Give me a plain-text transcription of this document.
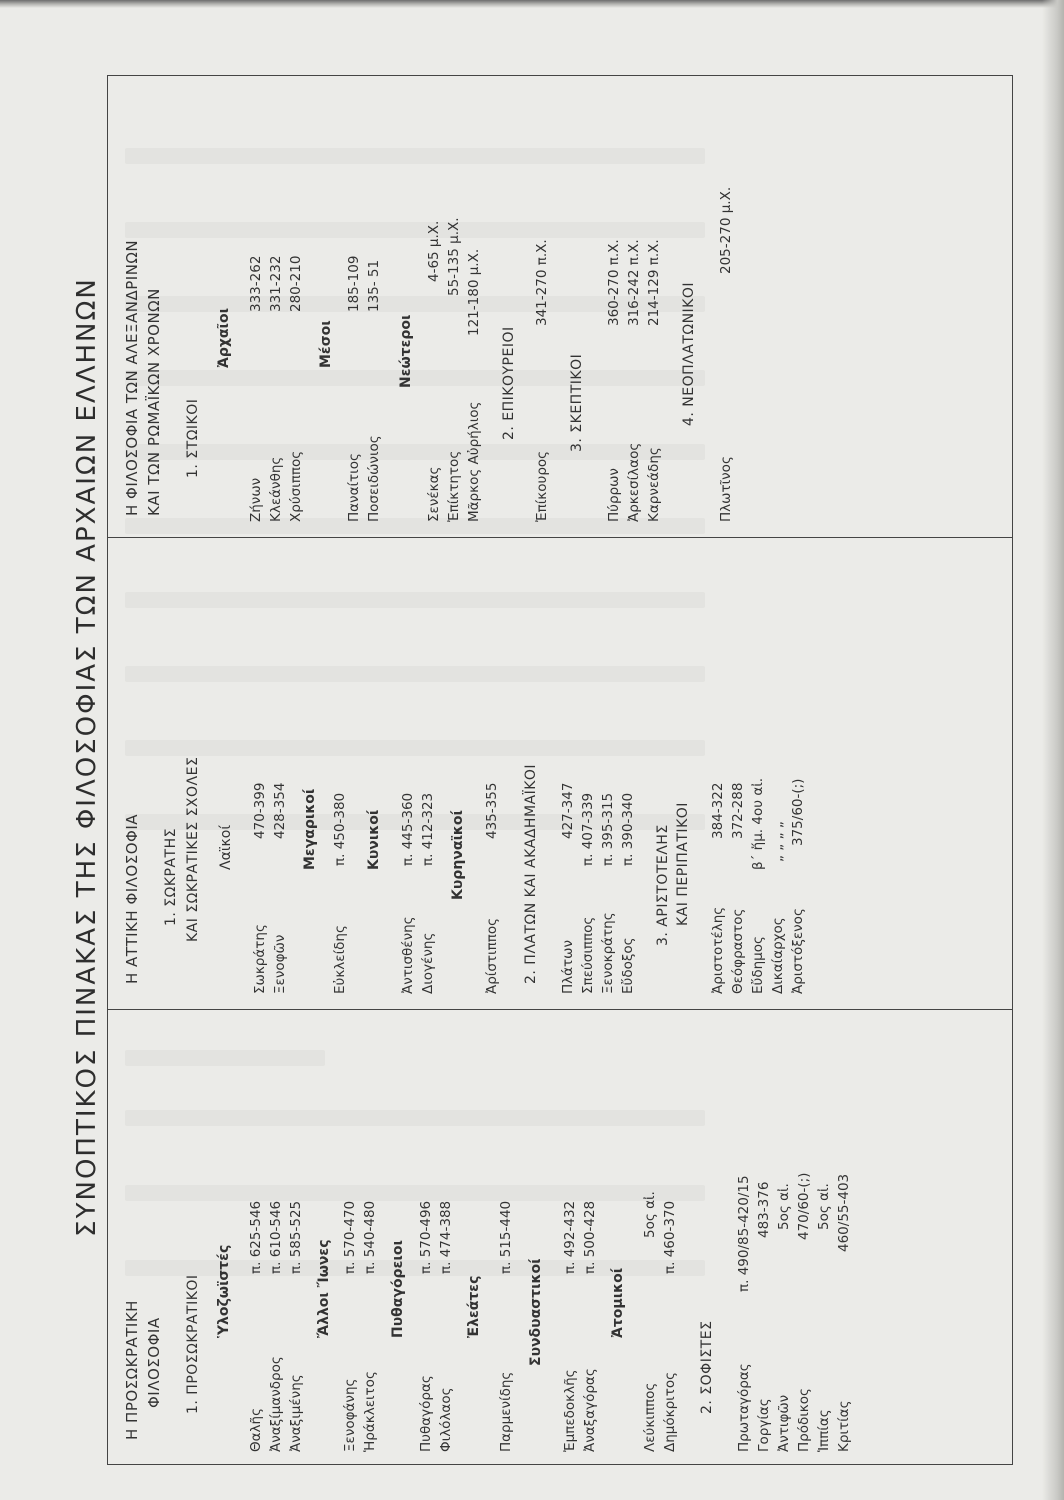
ΣΥΝΟΠΤΙΚΟΣ ΠΙΝΑΚΑΣ ΤΗΣ ΦΙΛΟΣΟΦΙΑΣ ΤΩΝ ΑΡΧΑΙΩΝ ΕΛΛΗΝΩΝ
Η ΠΡΟΣΩΚΡΑΤΙΚΗ ΦΙΛΟΣΟΦΙΑ 1. ΠΡΟΣΩΚΡΑΤΙΚΟΙ Ὑλοζωϊστές
Θαλῆς
π. 625-546
Ἀναξίμανδρος
π. 610-546
Ἀναξιμένης
π. 585-525
Ἄλλοι Ἴωνες
Ξενοφάνης
π. 570-470
Ἡράκλειτος
π. 540-480
Πυθαγόρειοι
Πυθαγόρας
π. 570-496
Φιλόλαος
π. 474-388
Ἐλεάτες
Παρμενίδης
π. 515-440
Συνδυαστικοί
Ἐμπεδοκλῆς
π. 492-432
Ἀναξαγόρας
π. 500-428
Ἀτομικοί
Λεύκιππος
5ος αἰ.
Δημόκριτος
π. 460-370
2. ΣΟΦΙΣΤΕΣ Πρωταγόρας
π. 490/85-420/15
Γοργίας
483-376
Ἀντιφῶν
5ος αἰ.
Πρόδικος
470/60-(;)
Ἱππίας
5ος αἰ.
Κριτίας
460/55-403
Η ΑΤΤΙΚΗ ΦΙΛΟΣΟΦΙΑ 1. ΣΩΚΡΑΤΗΣ ΚΑΙ ΣΩΚΡΑΤΙΚΕΣ ΣΧΟΛΕΣ Λαϊκοί
Σωκράτης
470-399
Ξενοφῶν
428-354 Μεγαρικοί
Εὐκλείδης
π. 450-380 Κυνικοί
Ἀντισθένης
π. 445-360
Διογένης
π. 412-323 Κυρηναϊκοί
Ἀρίστιππος
435-355 2. ΠΛΑΤΩΝ ΚΑΙ ΑΚΑΔΗΜΑΪΚΟΙ Πλάτων
427-347
Σπεύσιππος
π. 407-339
Ξενοκράτης
π. 395-315
Εὔδοξος
π. 390-340 3. ΑΡΙΣΤΟΤΕΛΗΣ ΚΑΙ ΠΕΡΙΠΑΤΙΚΟΙ
Ἀριστοτέλης
384-322
Θεόφραστος
372-288
Εὔδημος
β΄ ἥμ. 4ου αἰ.
Δικαίαρχος
„ „ „ „
Ἀριστόξενος
375/60-(;)
Η ΦΙΛΟΣΟΦΙΑ ΤΩΝ ΑΛΕΞΑΝΔΡΙΝΩΝ ΚΑΙ ΤΩΝ ΡΩΜΑΪΚΩΝ ΧΡΟΝΩΝ 1. ΣΤΩΙΚΟΙ
Ἀρχαῖοι
Ζήνων
333-262
Κλεάνθης
331-232
Χρύσιππος
280-210
Μέσοι
Παναίτιος
185-109
Ποσειδώνιος
135- 51
Νεώτεροι
Σενέκας
4-65 μ.Χ.
Ἐπίκτητος
55-135 μ.Χ.
Μᾶρκος Αὐρήλιος
121-180 μ.Χ.
2. ΕΠΙΚΟΥΡΕΙΟΙ
Ἐπίκουρος
341-270 π.Χ.
3. ΣΚΕΠΤΙΚΟΙ
Πύρρων
360-270 π.Χ.
Ἀρκεσίλαος
316-242 π.Χ.
Καρνεάδης
214-129 π.Χ. 4. ΝΕΟΠΛΑΤΩΝΙΚΟΙ
Πλωτῖνος
205-270 μ.Χ.
